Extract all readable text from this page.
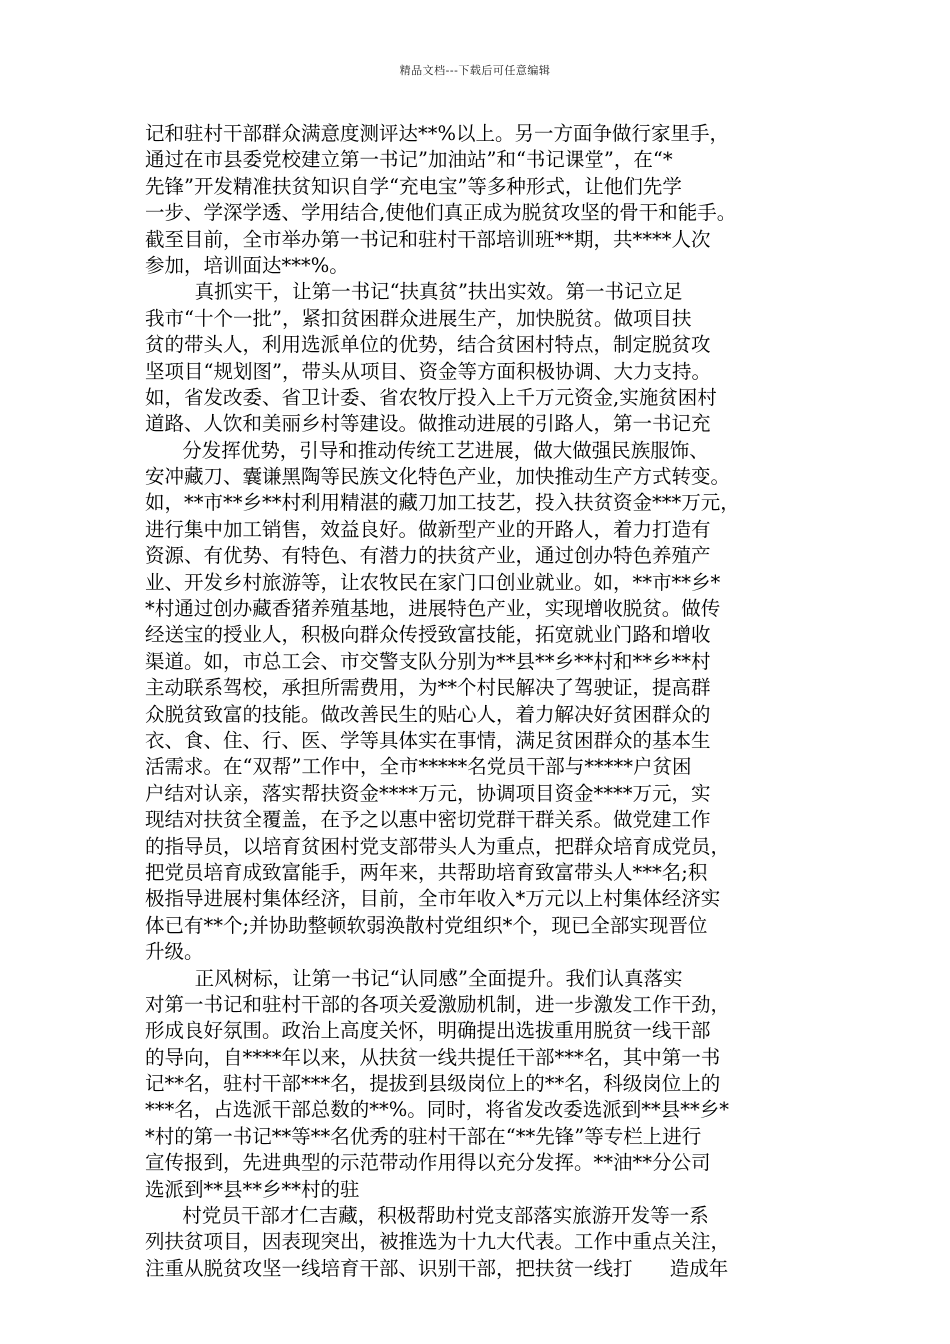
精品文档---下载后可任意编辑
记和驻村干部群众满意度测评达**%以上。另一方面争做行家里手，
通过在市县委党校建立第一书记”加油站”和“书记课堂”，在“*
先锋”开发精准扶贫知识自学“充电宝”等多种形式，让他们先学
一步、学深学透、学用结合,使他们真正成为脱贫攻坚的骨干和能手。
截至目前，全市举办第一书记和驻村干部培训班**期，共****人次
参加，培训面达***%。
真抓实干，让第一书记“扶真贫”扶出实效。第一书记立足
我市“十个一批”，紧扣贫困群众进展生产，加快脱贫。做项目扶
贫的带头人，利用选派单位的优势，结合贫困村特点，制定脱贫攻
坚项目“规划图”，带头从项目、资金等方面积极协调、大力支持。
如，省发改委、省卫计委、省农牧厅投入上千万元资金,实施贫困村
道路、人饮和美丽乡村等建设。做推动进展的引路人，第一书记充
分发挥优势，引导和推动传统工艺进展，做大做强民族服饰、
安冲藏刀、囊谦黑陶等民族文化特色产业，加快推动生产方式转变。
如，**市**乡**村利用精湛的藏刀加工技艺，投入扶贫资金***万元，
进行集中加工销售，效益良好。做新型产业的开路人，着力打造有
资源、有优势、有特色、有潜力的扶贫产业，通过创办特色养殖产
业、开发乡村旅游等，让农牧民在家门口创业就业。如，**市**乡*
*村通过创办藏香猪养殖基地，进展特色产业，实现增收脱贫。做传
经送宝的授业人，积极向群众传授致富技能，拓宽就业门路和增收
渠道。如，市总工会、市交警支队分别为**县**乡**村和**乡**村
主动联系驾校，承担所需费用，为**个村民解决了驾驶证，提高群
众脱贫致富的技能。做改善民生的贴心人，着力解决好贫困群众的
衣、食、住、行、医、学等具体实在事情，满足贫困群众的基本生
活需求。在“双帮”工作中，全市*****名党员干部与*****户贫困
户结对认亲，落实帮扶资金****万元，协调项目资金****万元，实
现结对扶贫全覆盖，在予之以惠中密切党群干群关系。做党建工作
的指导员，以培育贫困村党支部带头人为重点，把群众培育成党员，
把党员培育成致富能手，两年来，共帮助培育致富带头人***名;积
极指导进展村集体经济，目前，全市年收入*万元以上村集体经济实
体已有**个;并协助整顿软弱涣散村党组织*个，现已全部实现晋位
升级。
正风树标，让第一书记“认同感”全面提升。我们认真落实
对第一书记和驻村干部的各项关爱激励机制，进一步激发工作干劲，
形成良好氛围。政治上高度关怀，明确提出选拔重用脱贫一线干部
的导向，自****年以来，从扶贫一线共提任干部***名，其中第一书
记**名，驻村干部***名，提拔到县级岗位上的**名，科级岗位上的
***名，占选派干部总数的**%。同时，将省发改委选派到**县**乡*
*村的第一书记**等**名优秀的驻村干部在“**先锋”等专栏上进行
宣传报到，先进典型的示范带动作用得以充分发挥。**油**分公司
选派到**县**乡**村的驻
村党员干部才仁吉藏，积极帮助村党支部落实旅游开发等一系
列扶贫项目，因表现突出，被推选为十九大代表。工作中重点关注，
注重从脱贫攻坚一线培育干部、识别干部，把扶贫一线打      造成年
